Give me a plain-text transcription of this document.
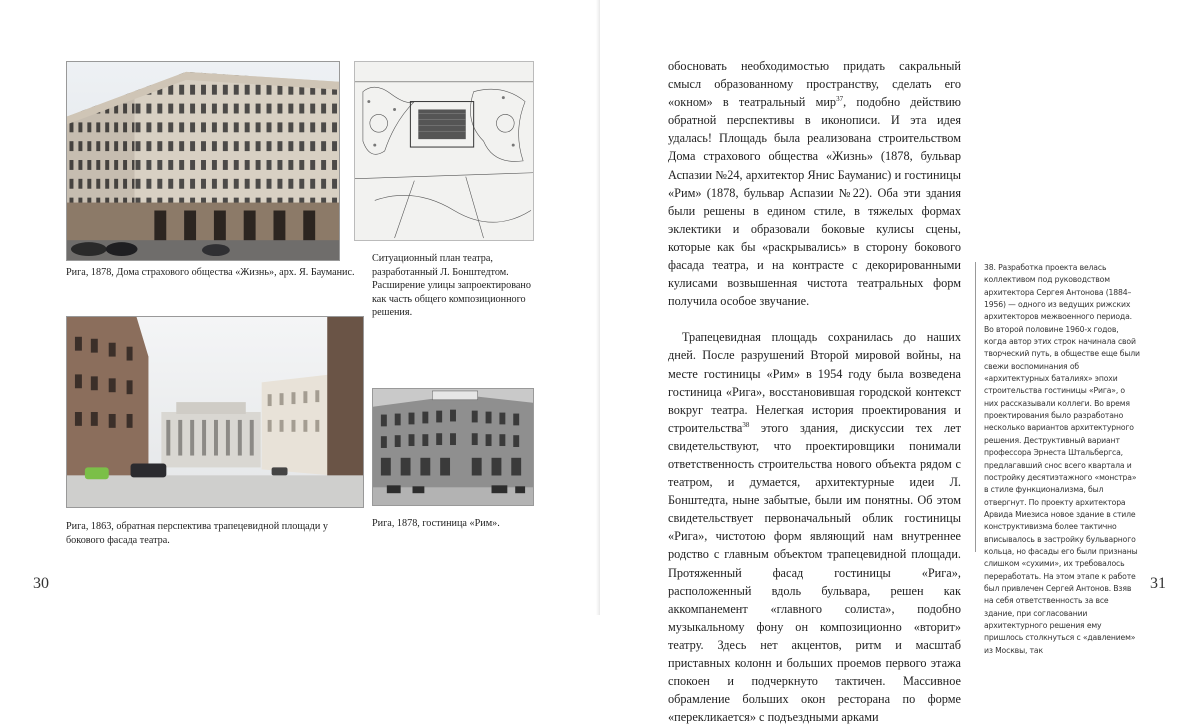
Рига, 1878, Дома страхового общества «Жизнь», арх. Я. Бауманис.

Ситуационный план театра, разработанный Л. Бонштедтом. Расширение улицы запроектировано как часть общего композиционного решения.

Рига, 1863, обратная перспектива трапецевидной площади у бокового фасада театра.

Рига, 1878, гостиница «Рим».

30

обосновать необходимостью придать сакральный смысл образованному пространству, сделать его «окном» в театральный мир$^{37}$, подобно действию обратной перспективы в иконописи. И эта идея удалась! Площадь была реализована строительством Дома страхового общества «Жизнь» (1878, бульвар Аспазии №24, архитектор Янис Бауманис) и гостиницы «Рим» (1878, бульвар Аспазии №22). Оба эти здания были решены в едином стиле, в тяжелых формах эклектики и образовали боковые кулисы сцены, которые как бы «раскрывались» в сторону бокового фасада театра, и на контрасте с декорированными кулисами возвышенная чистота театральных форм получила особое звучание.

Трапецевидная площадь сохранилась до наших дней. После разрушений Второй мировой войны, на месте гостиницы «Рим» в 1954 году была возведена гостиница «Рига», восстановившая городской контекст вокруг театра. Нелегкая история проектирования и строительства$^{38}$ этого здания, дискуссии тех лет свидетельствуют, что проектировщики понимали ответственность строительства нового объекта рядом с театром, и думается, архитектурные идеи Л. Бонштедта, ныне забытые, были им понятны. Об этом свидетельствует первоначальный облик гостиницы «Рига», чистотою форм являющий нам внутреннее родство с главным объектом трапецевидной площади. Протяженный фасад гостиницы «Рига», расположенный вдоль бульвара, решен как аккомпанемент «главного солиста», подобно музыкальному фону он композиционно «вторит» театру. Здесь нет акцентов, ритм и масштаб приставных колонн и больших проемов первого этажа спокоен и подчеркнуто тактичен. Массивное обрамление больших окон ресторана по форме «перекликается» с подъездными арками

38. Разработка проекта велась коллективом под руководством архитектора Сергея Антонова (1884–1956) — одного из ведущих рижских архитекторов межвоенного периода. Во второй половине 1960-х годов, когда автор этих строк начинала свой творческий путь, в обществе еще были свежи воспоминания об «архитектурных баталиях» эпохи строительства гостиницы «Рига», о них рассказывали коллеги. Во время проектирования было разработано несколько вариантов архитектурного решения. Деструктивный вариант профессора Эрнеста Штальбергса, предлагавший снос всего квартала и постройку десятиэтажного «монстра» в стиле функционализма, был отвергнут. По проекту архитектора Арвида Миезиса новое здание в стиле конструктивизма более тактично вписывалось в застройку бульварного кольца, но фасады его были признаны слишком «сухими», их требовалось переработать. На этом этапе к работе был привлечен Сергей Антонов. Взяв на себя ответственность за все здание, при согласовании архитектурного решения ему пришлось столкнуться с «давлением» из Москвы, так
31
